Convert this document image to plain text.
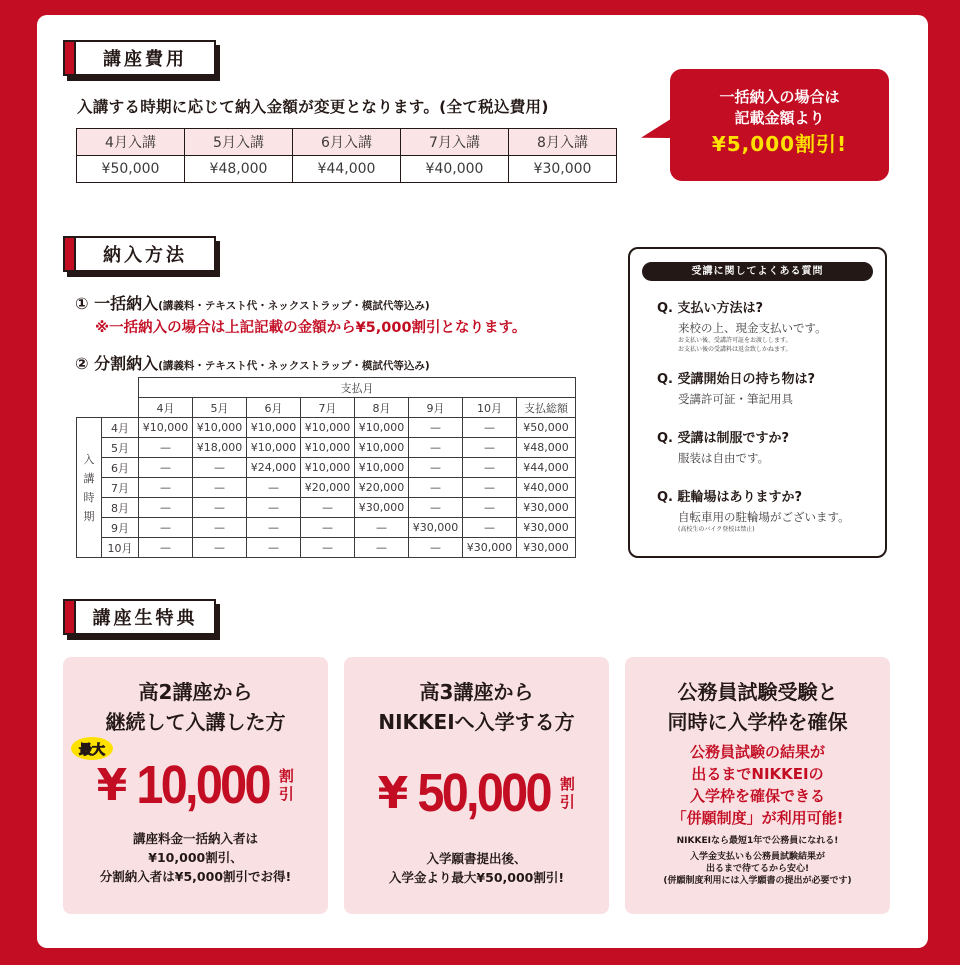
講座費用
入講する時期に応じて納入金額が変更となります。(全て税込費用)
4月入講	5月入講	6月入講	7月入講	8月入講
¥50,000	¥48,000	¥44,000	¥40,000	¥30,000
一括納入の場合は
記載金額より
¥5,000割引!
納入方法
① 一括納入(講義料・テキスト代・ネックストラップ・模試代等込み)
※一括納入の場合は上記記載の金額から¥5,000割引となります。
② 分割納入(講義料・テキスト代・ネックストラップ・模試代等込み)
		支払月							
		4月	5月	6月	7月	8月	9月	10月	支払総額
入
講
時
期	4月	¥10,000	¥10,000	¥10,000	¥10,000	¥10,000	—	—	¥50,000
	5月	—	¥18,000	¥10,000	¥10,000	¥10,000	—	—	¥48,000
	6月	—	—	¥24,000	¥10,000	¥10,000	—	—	¥44,000
	7月	—	—	—	¥20,000	¥20,000	—	—	¥40,000
	8月	—	—	—	—	¥30,000	—	—	¥30,000
	9月	—	—	—	—	—	¥30,000	—	¥30,000
	10月	—	—	—	—	—	—	¥30,000	¥30,000
受講に関してよくある質問
Q. 支払い方法は?
来校の上、現金支払いです。
お支払い後、受講許可証をお渡しします。
お支払い後の受講料は返金致しかねます。
Q. 受講開始日の持ち物は?
受講許可証・筆記用具
Q. 受講は制服ですか?
服装は自由です。
Q. 駐輪場はありますか?
自転車用の駐輪場がございます。
(高校生のバイク登校は禁止)
講座生特典
高2講座から
継続して入講した方
最大
¥ 10,000 割引
講座料金一括納入者は
¥10,000割引、
分割納入者は¥5,000割引でお得!
高3講座から
NIKKEIへ入学する方
¥ 50,000 割引
入学願書提出後、
入学金より最大¥50,000割引!
公務員試験受験と
同時に入学枠を確保
公務員試験の結果が
出るまでNIKKEIの
入学枠を確保できる
「併願制度」が利用可能!
NIKKEIなら最短1年で公務員になれる!
入学金支払いも公務員試験結果が
出るまで待てるから安心!
(併願制度利用には入学願書の提出が必要です)
